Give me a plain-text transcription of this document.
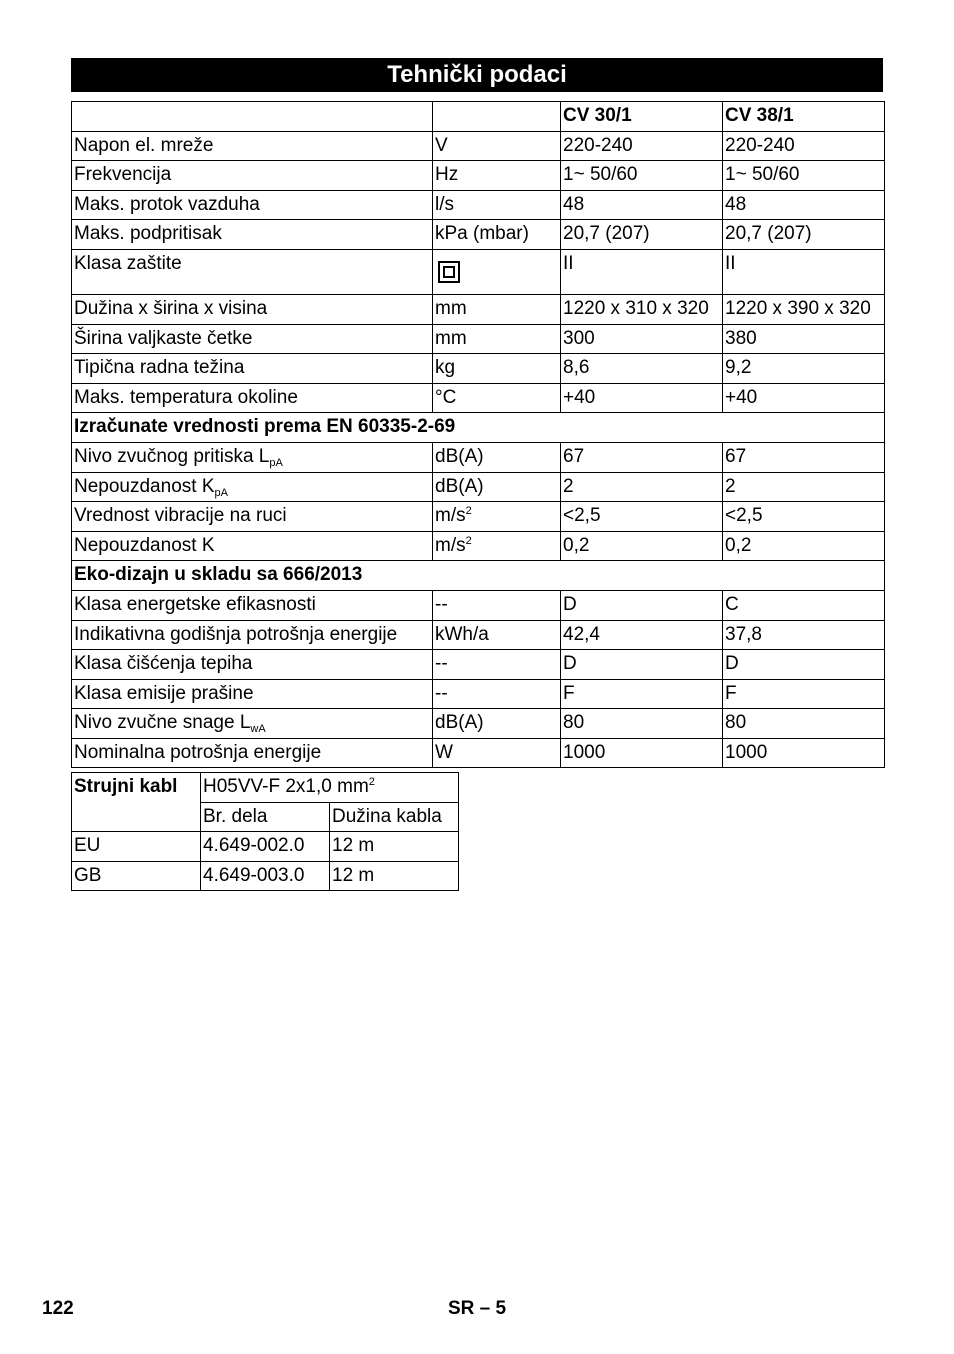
Tehnički podaci
		CV 30/1	CV 38/1
Napon el. mreže	V	220-240	220-240
Frekvencija	Hz	1~ 50/60	1~ 50/60
Maks. protok vazduha	l/s	48	48
Maks. podpritisak	kPa (mbar)	20,7 (207)	20,7 (207)
Klasa zaštite		II	II
Dužina x širina x visina	mm	1220 x 310 x 320	1220 x 390 x 320
Širina valjkaste četke	mm	300	380
Tipična radna težina	kg	8,6	9,2
Maks. temperatura okoline	°C	+40	+40
Izračunate vrednosti prema EN 60335-2-69			
Nivo zvučnog pritiska $L_{pA}$	dB(A)	67	67
Nepouzdanost $K_{pA}$	dB(A)	2	2
Vrednost vibracije na ruci	$m/s^2$	<2,5	<2,5
Nepouzdanost K	$m/s^2$	0,2	0,2
Eko-dizajn u skladu sa 666/2013			
Klasa energetske efikasnosti	--	D	C
Indikativna godišnja potrošnja energije	kWh/a	42,4	37,8
Klasa čišćenja tepiha	--	D	D
Klasa emisije prašine	--	F	F
Nivo zvučne snage $L_{wA}$	dB(A)	80	80
Nominalna potrošnja energije	W	1000	1000
Strujni kabl	H05VV-F 2x1,0 $mm^2$
	Br. dela	Dužina kabla
EU	4.649-002.0	12 m
GB	4.649-003.0	12 m
122	SR – 5
